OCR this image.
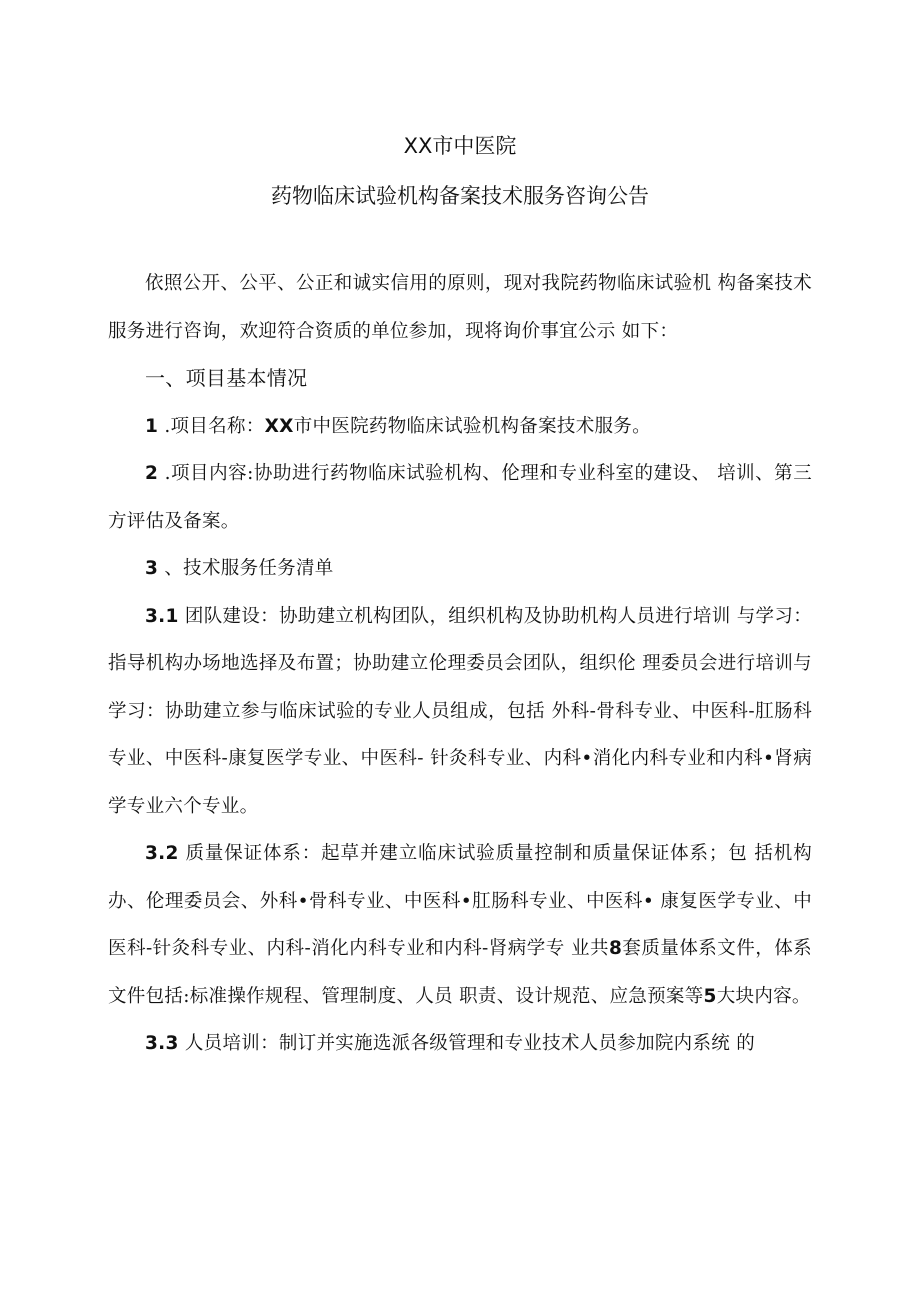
XX市中医院
药物临床试验机构备案技术服务咨询公告

依照公开、公平、公正和诚实信用的原则，现对我院药物临床试验机 构备案技术服务进行咨询，欢迎符合资质的单位参加，现将询价事宜公示 如下：

一、项目基本情况

1 .项目名称：XX市中医院药物临床试验机构备案技术服务。

2 .项目内容:协助进行药物临床试验机构、伦理和专业科室的建设、 培训、第三方评估及备案。

3 、技术服务任务清单

3.1 团队建设：协助建立机构团队，组织机构及协助机构人员进行培训 与学习：指导机构办场地选择及布置；协助建立伦理委员会团队，组织伦 理委员会进行培训与学习：协助建立参与临床试验的专业人员组成，包括 外科-骨科专业、中医科-肛肠科专业、中医科-康复医学专业、中医科- 针灸科专业、内科•消化内科专业和内科•肾病学专业六个专业。

3.2 质量保证体系：起草并建立临床试验质量控制和质量保证体系；包 括机构办、伦理委员会、外科•骨科专业、中医科•肛肠科专业、中医科• 康复医学专业、中医科-针灸科专业、内科-消化内科专业和内科-肾病学专 业共8套质量体系文件，体系文件包括:标准操作规程、管理制度、人员 职责、设计规范、应急预案等5大块内容。

3.3 人员培训：制订并实施选派各级管理和专业技术人员参加院内系统 的
